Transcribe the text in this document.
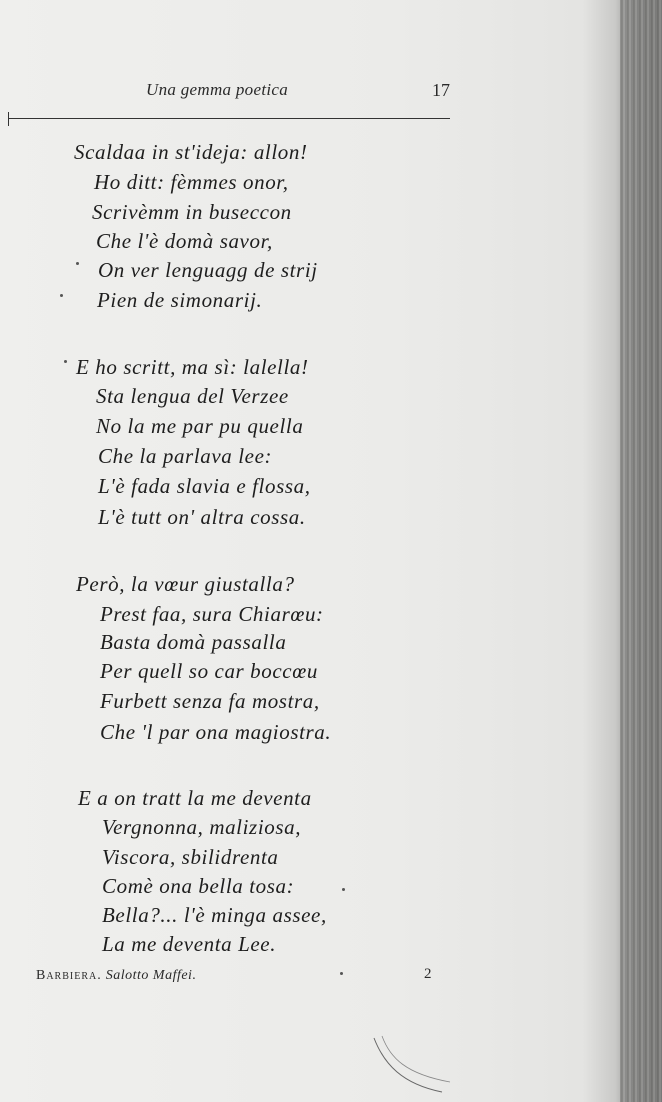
Una gemma poetica	17
Scaldaa in st'ideja: allon!
Ho ditt: fèmmes onor,
Scrivèmm in buseccon
Che l'è domà savor,
On ver lenguagg de strij
Pien de simonarij.
E ho scritt, ma sì: lalella!
Sta lengua del Verzee
No la me par pu quella
Che la parlava lee:
L'è fada slavia e flossa,
L'è tutt on' altra cossa.
Però, la vœur giustalla?
Prest faa, sura Chiarœu:
Basta domà passalla
Per quell so car boccœu
Furbett senza fa mostra,
Che 'l par ona magiostra.
E a on tratt la me deventa
Vergnonna, maliziosa,
Viscora, sbilidrenta
Comè ona bella tosa:
Bella?... l'è minga assee,
La me deventa Lee.
Barbiera. Salotto Maffei.	2
